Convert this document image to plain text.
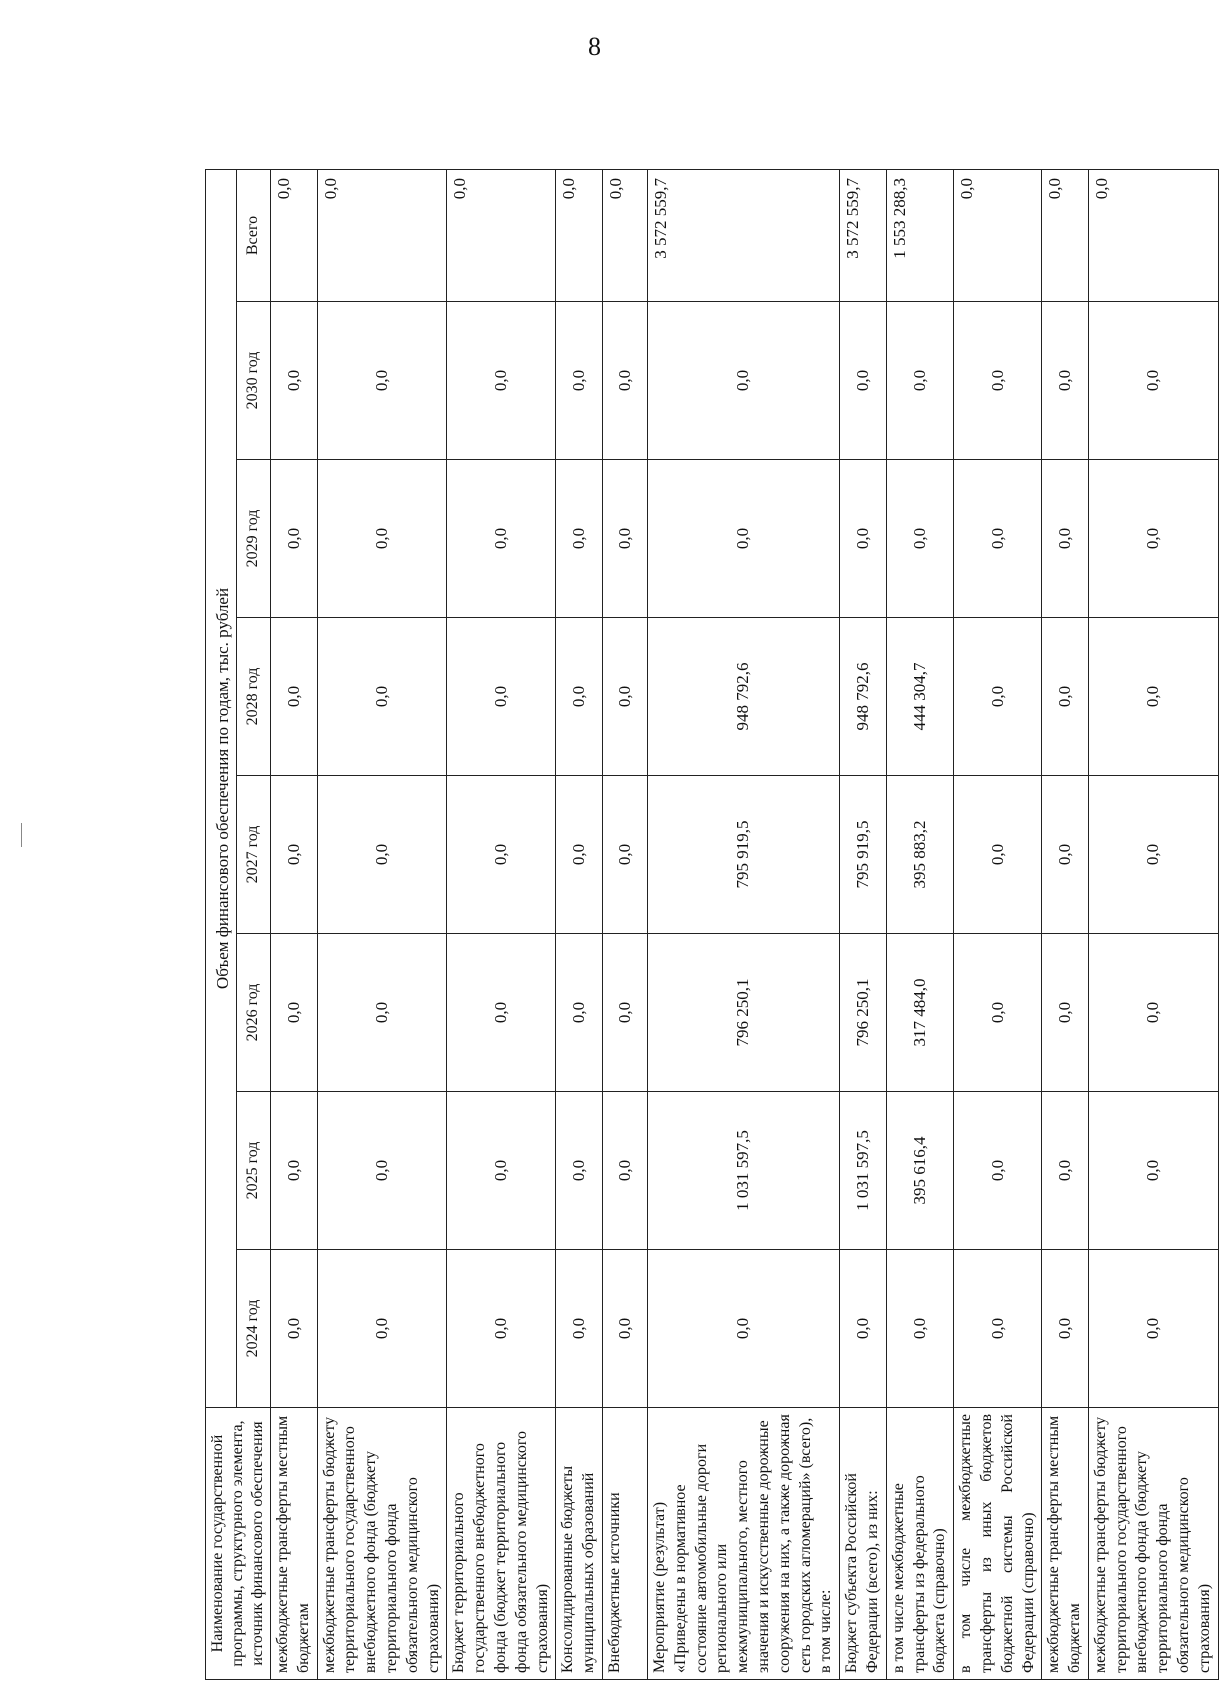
8
Наименование государственной программы, структурного элемента, источник финансового обеспечения	Объем финансового обеспечения по годам, тыс. рублей							
	2024 год	2025 год	2026 год	2027 год	2028 год	2029 год	2030 год	Всего
межбюджетные трансферты местным бюджетам	0,0	0,0	0,0	0,0	0,0	0,0	0,0	0,0
межбюджетные трансферты бюджету территориального государственного внебюджетного фонда (бюджету территориального фонда обязательного медицинского страхования)	0,0	0,0	0,0	0,0	0,0	0,0	0,0	0,0
Бюджет территориального государственного внебюджетного фонда (бюджет территориального фонда обязательного медицинского страхования)	0,0	0,0	0,0	0,0	0,0	0,0	0,0	0,0
Консолидированные бюджеты муниципальных образований	0,0	0,0	0,0	0,0	0,0	0,0	0,0	0,0
Внебюджетные источники	0,0	0,0	0,0	0,0	0,0	0,0	0,0	0,0
Мероприятие (результат) «Приведены в нормативное состояние автомобильные дороги регионального или межмуниципального, местного значения и искусственные дорожные сооружения на них, а также дорожная сеть городских агломераций» (всего), в том числе:	0,0	1 031 597,5	796 250,1	795 919,5	948 792,6	0,0	0,0	3 572 559,7
Бюджет субъекта Российской Федерации (всего), из них:	0,0	1 031 597,5	796 250,1	795 919,5	948 792,6	0,0	0,0	3 572 559,7
в том числе межбюджетные трансферты из федерального бюджета (справочно)	0,0	395 616,4	317 484,0	395 883,2	444 304,7	0,0	0,0	1 553 288,3
в том числе межбюджетные трансферты из иных бюджетов бюджетной системы Российской Федерации (справочно)	0,0	0,0	0,0	0,0	0,0	0,0	0,0	0,0
межбюджетные трансферты местным бюджетам	0,0	0,0	0,0	0,0	0,0	0,0	0,0	0,0
межбюджетные трансферты бюджету территориального государственного внебюджетного фонда (бюджету территориального фонда обязательного медицинского страхования)	0,0	0,0	0,0	0,0	0,0	0,0	0,0	0,0
